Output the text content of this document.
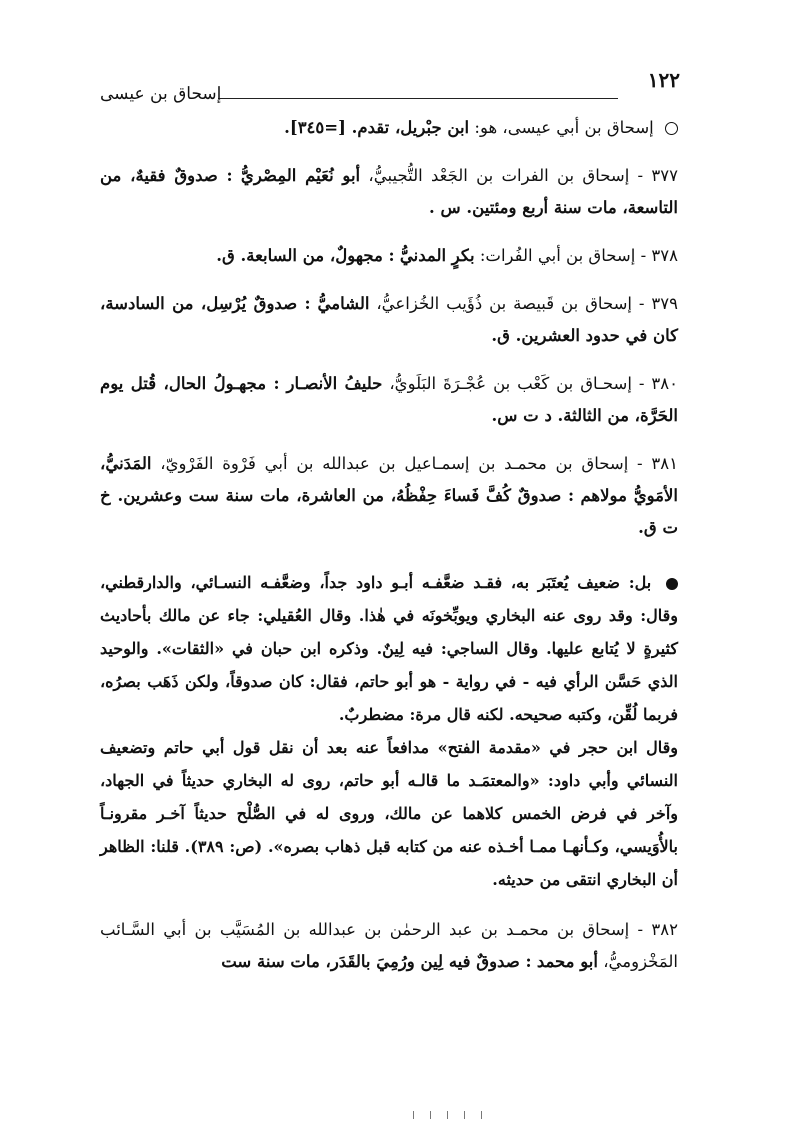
١٢٢
إسحاق بن عيسى

إسحاق بن أبي عيسى، هو: ابن جبْريل، تقدم. [=٣٤٥].

٣٧٧ - إسحاق بن الفرات بن الجَعْد التُّجيبيُّ، أبو نُعَيْم المِصْريُّ : صدوقٌ فقيهٌ، من التاسعة، مات سنة أربع ومئتين. س .

٣٧٨ - إسحاق بن أبي الفُرات: بكرٍ المدنيُّ : مجهولٌ، من السابعة. ق.

٣٧٩ - إسحاق بن قَبيصة بن ذُؤَيب الخُزاعيُّ، الشاميُّ : صدوقٌ يُرْسِل، من السادسة، كان في حدود العشرين. ق.

٣٨٠ - إسحـاق بن كَعْب بن عُجْـرَةَ البَلَويُّ، حليفُ الأنصـار : مجهـولُ الحال، قُتل يوم الحَرَّة، من الثالثة. د ت س.

٣٨١ - إسحاق بن محمـد بن إسمـاعيل بن عبدالله بن أبي فَرْوة الفَرْويّ، المَدَنيُّ، الأمَويُّ مولاهم : صدوقٌ كُفَّ فَساءَ حِفْظُهُ، من العاشرة، مات سنة ست وعشرين. خ ت ق.

بل: ضعيف يُعتَبَر به، فقـد ضعَّفـه أبـو داود جداً، وضعَّفـه النسـائي، والدارقطني، وقال: وقد روى عنه البخاري ويوبِّخونَه في هٰذا. وقال العُقيلي: جاء عن مالك بأحاديث كثيرةٍ لا يُتابع عليها. وقال الساجي: فيه لِينٌ. وذكره ابن حبان في «الثقات». والوحيد الذي حَسَّن الرأي فيه - في رواية - هو أبو حاتم، فقال: كان صدوقاً، ولكن ذَهَب بصرُه، فربما لُقِّن، وكتبه صحيحه. لكنه قال مرة: مضطربٌ.

وقال ابن حجر في «مقدمة الفتح» مدافعاً عنه بعد أن نقل قول أبي حاتم وتضعيف النسائي وأبي داود: «والمعتمَـد ما قالـه أبو حاتم، روى له البخاري حديثاً في الجهاد، وآخر في فرض الخمس كلاهما عن مالك، وروى له في الصُّلْح حديثاً آخـر مقرونـاً بالأُوَيسي، وكـأنهـا ممـا أخـذه عنه من كتابه قبل ذهاب بصره». (ص: ٣٨٩). قلنا: الظاهر أن البخاري انتقى من حديثه.

٣٨٢ - إسحاق بن محمـد بن عبد الرحمٰن بن عبدالله بن المُسَيَّب بن أبي السَّـائب المَخْزوميُّ، أبو محمد : صدوقٌ فيه لِين ورُمِيَ بالقَدَر، مات سنة ست
